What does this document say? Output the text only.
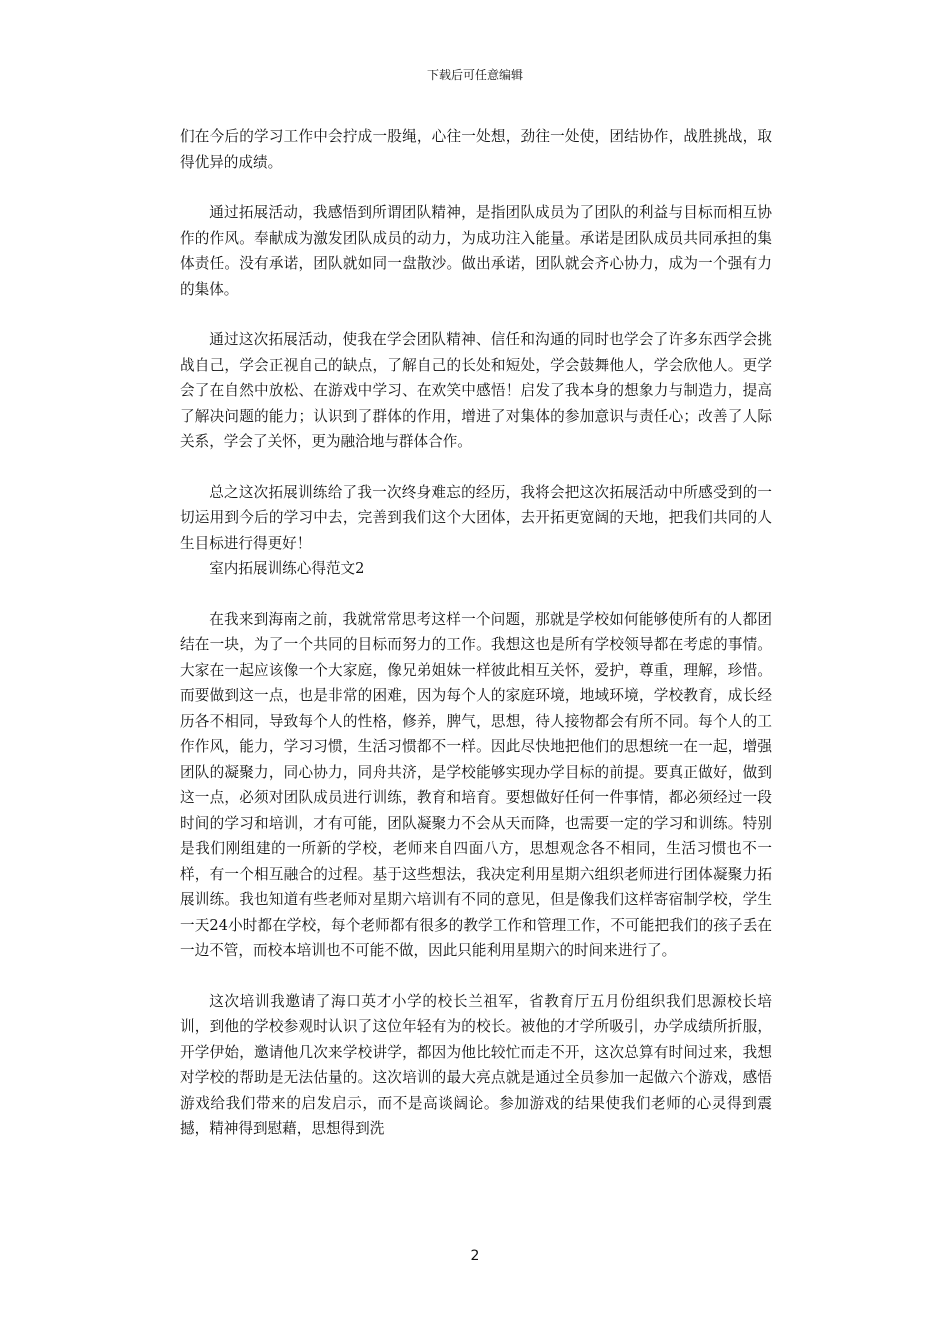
下载后可任意编辑

们在今后的学习工作中会拧成一股绳，心往一处想，劲往一处使，团结协作，战胜挑战，取得优异的成绩。

通过拓展活动，我感悟到所谓团队精神，是指团队成员为了团队的利益与目标而相互协作的作风。奉献成为激发团队成员的动力，为成功注入能量。承诺是团队成员共同承担的集体责任。没有承诺，团队就如同一盘散沙。做出承诺，团队就会齐心协力，成为一个强有力的集体。

通过这次拓展活动，使我在学会团队精神、信任和沟通的同时也学会了许多东西学会挑战自己，学会正视自己的缺点，了解自己的长处和短处，学会鼓舞他人，学会欣他人。更学会了在自然中放松、在游戏中学习、在欢笑中感悟！启发了我本身的想象力与制造力，提高了解决问题的能力；认识到了群体的作用，增进了对集体的参加意识与责任心；改善了人际关系，学会了关怀，更为融洽地与群体合作。

总之这次拓展训练给了我一次终身难忘的经历，我将会把这次拓展活动中所感受到的一切运用到今后的学习中去，完善到我们这个大团体，去开拓更宽阔的天地，把我们共同的人生目标进行得更好！

室内拓展训练心得范文2

在我来到海南之前，我就常常思考这样一个问题，那就是学校如何能够使所有的人都团结在一块，为了一个共同的目标而努力的工作。我想这也是所有学校领导都在考虑的事情。大家在一起应该像一个大家庭，像兄弟姐妹一样彼此相互关怀，爱护，尊重，理解，珍惜。而要做到这一点，也是非常的困难，因为每个人的家庭环境，地域环境，学校教育，成长经历各不相同，导致每个人的性格，修养，脾气，思想，待人接物都会有所不同。每个人的工作作风，能力，学习习惯，生活习惯都不一样。因此尽快地把他们的思想统一在一起，增强团队的凝聚力，同心协力，同舟共济，是学校能够实现办学目标的前提。要真正做好，做到这一点，必须对团队成员进行训练，教育和培育。要想做好任何一件事情，都必须经过一段时间的学习和培训，才有可能，团队凝聚力不会从天而降，也需要一定的学习和训练。特别是我们刚组建的一所新的学校，老师来自四面八方，思想观念各不相同，生活习惯也不一样，有一个相互融合的过程。基于这些想法，我决定利用星期六组织老师进行团体凝聚力拓展训练。我也知道有些老师对星期六培训有不同的意见，但是像我们这样寄宿制学校，学生一天24小时都在学校，每个老师都有很多的教学工作和管理工作，不可能把我们的孩子丢在一边不管，而校本培训也不可能不做，因此只能利用星期六的时间来进行了。

这次培训我邀请了海口英才小学的校长兰祖军，省教育厅五月份组织我们思源校长培训，到他的学校参观时认识了这位年轻有为的校长。被他的才学所吸引，办学成绩所折服，开学伊始，邀请他几次来学校讲学，都因为他比较忙而走不开，这次总算有时间过来，我想对学校的帮助是无法估量的。这次培训的最大亮点就是通过全员参加一起做六个游戏，感悟游戏给我们带来的启发启示，而不是高谈阔论。参加游戏的结果使我们老师的心灵得到震撼，精神得到慰藉，思想得到洗

2
